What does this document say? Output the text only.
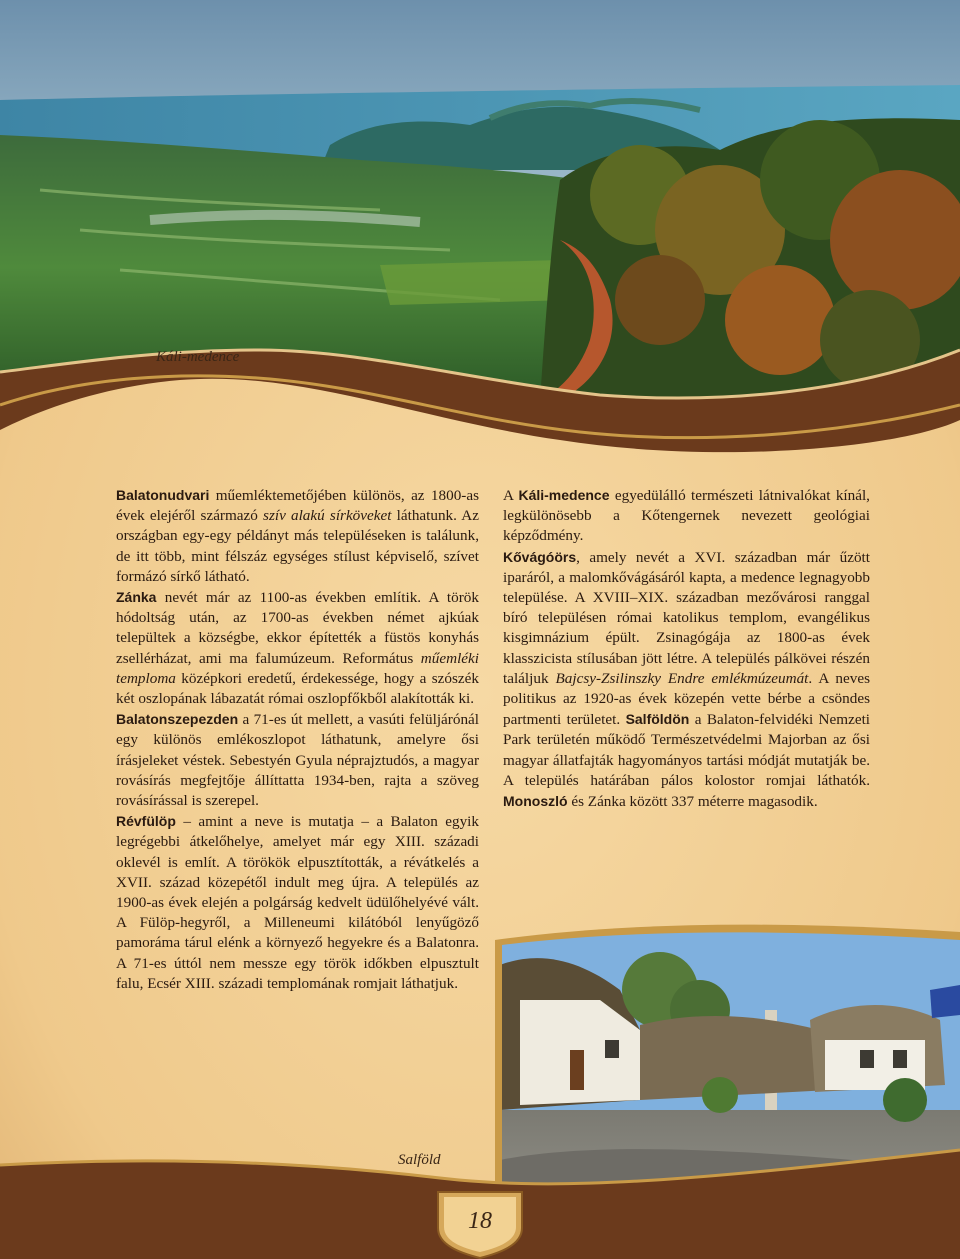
Káli-medence
Salföld
18

Balatonudvari műemléktemetőjében különös, az 1800-as évek elejéről származó szív alakú sírköveket láthatunk. Az országban egy-egy példányt más településeken is találunk, de itt több, mint félszáz egységes stílust képviselő, szívet formázó sírkő látható.

Zánka nevét már az 1100-as években említik. A török hódoltság után, az 1700-as években német ajkúak települtek a községbe, ekkor építették a füstös konyhás zsellérházat, ami ma falumúzeum. Református műemléki temploma középkori eredetű, érdekessége, hogy a szószék két oszlopának lábazatát római oszlopfőkből alakították ki.

Balatonszepezden a 71-es út mellett, a vasúti felüljárónál egy különös emlékoszlopot láthatunk, amelyre ősi írásjeleket véstek. Sebestyén Gyula néprajztudós, a magyar rovásírás megfejtője állíttatta 1934-ben, rajta a szöveg rovásírással is szerepel.

Révfülöp – amint a neve is mutatja – a Balaton egyik legrégebbi átkelőhelye, amelyet már egy XIII. századi oklevél is említ. A törökök elpusztították, a révátkelés a XVII. század közepétől indult meg újra. A település az 1900-as évek elején a polgárság kedvelt üdülőhelyévé vált. A Fülöp-hegyről, a Milleneumi kilátóból lenyűgöző pamoráma tárul elénk a környező hegyekre és a Balatonra. A 71-es úttól nem messze egy török időkben elpusztult falu, Ecsér XIII. századi templomának romjait láthatjuk.

A Káli-medence egyedülálló természeti látnivalókat kínál, legkülönösebb a Kőtengernek nevezett geológiai képződmény.

Kővágóörs, amely nevét a XVI. században már űzött iparáról, a malomkővágásáról kapta, a medence legnagyobb települése. A XVIII–XIX. században mezővárosi ranggal bíró településen római katolikus templom, evangélikus kisgimnázium épült. Zsinagógája az 1800-as évek klasszicista stílusában jött létre. A település pálkövei részén találjuk Bajcsy-Zsilinszky Endre emlékmúzeumát. A neves politikus az 1920-as évek közepén vette bérbe a csöndes partmenti területet. Salföldön a Balaton-felvidéki Nemzeti Park területén működő Természetvédelmi Majorban az ősi magyar állatfajták hagyományos tartási módját mutatják be. A település határában pálos kolostor romjai láthatók. Monoszló és Zánka között 337 méterre magasodik.
